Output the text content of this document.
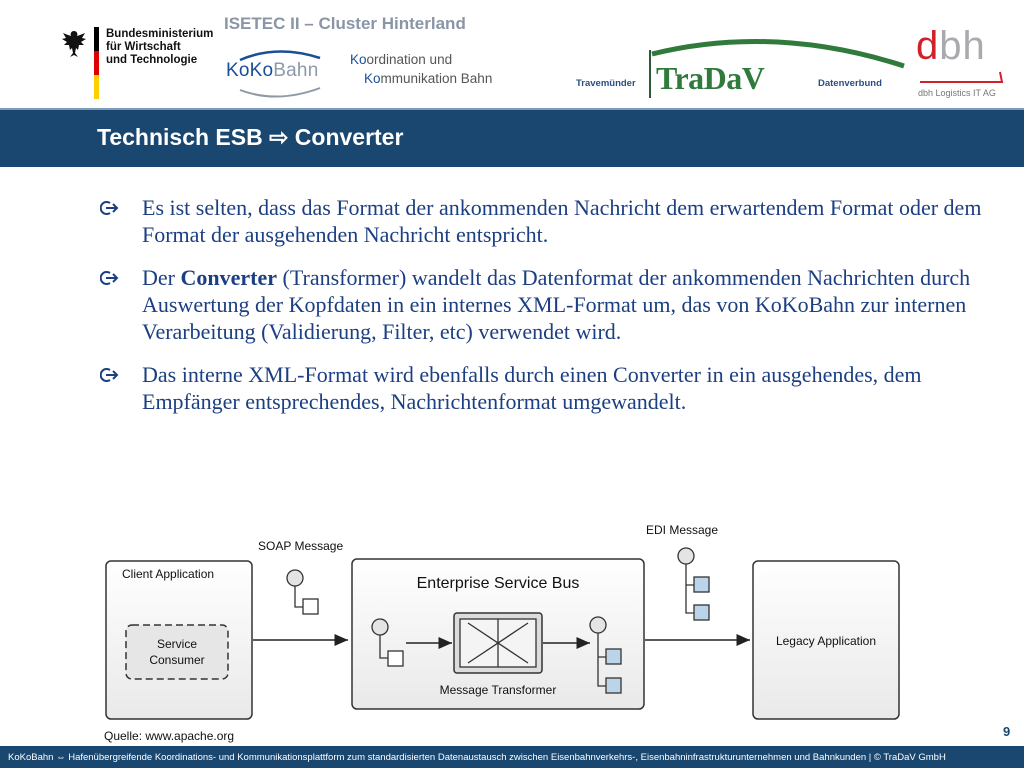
Bundesministerium
für Wirtschaft
und Technologie
ISETEC II – Cluster Hinterland
KoKoBahn
Koordination und
Kommunikation Bahn	Travemünder TraDaV	Datenverbund
dbh
dbh Logistics IT AG
Technisch ESB ⇨ Converter
Es ist selten, dass das Format der ankommenden Nachricht dem erwartendem Format oder dem Format der ausgehenden Nachricht entspricht.
Der Converter (Transformer) wandelt das Datenformat der ankommenden Nachrichten durch Auswertung der Kopfdaten in ein internes XML-Format um, das von KoKoBahn zur internen Verarbeitung (Validierung, Filter, etc) verwendet wird.
Das interne XML-Format wird ebenfalls durch einen Converter in ein ausgehendes, dem Empfänger entsprechendes, Nachrichtenformat umgewandelt.
Client Application
Service
Consumer
SOAP Message
Enterprise Service Bus
Message Transformer
EDI Message
Legacy Application
Quelle: www.apache.org	9
KoKoBahn ⇔ Hafenübergreifende Koordinations- und Kommunikationsplattform zum standardisierten Datenaustausch zwischen Eisenbahnverkehrs-, Eisenbahninfrastrukturunternehmen und Bahnkunden | © TraDaV GmbH
